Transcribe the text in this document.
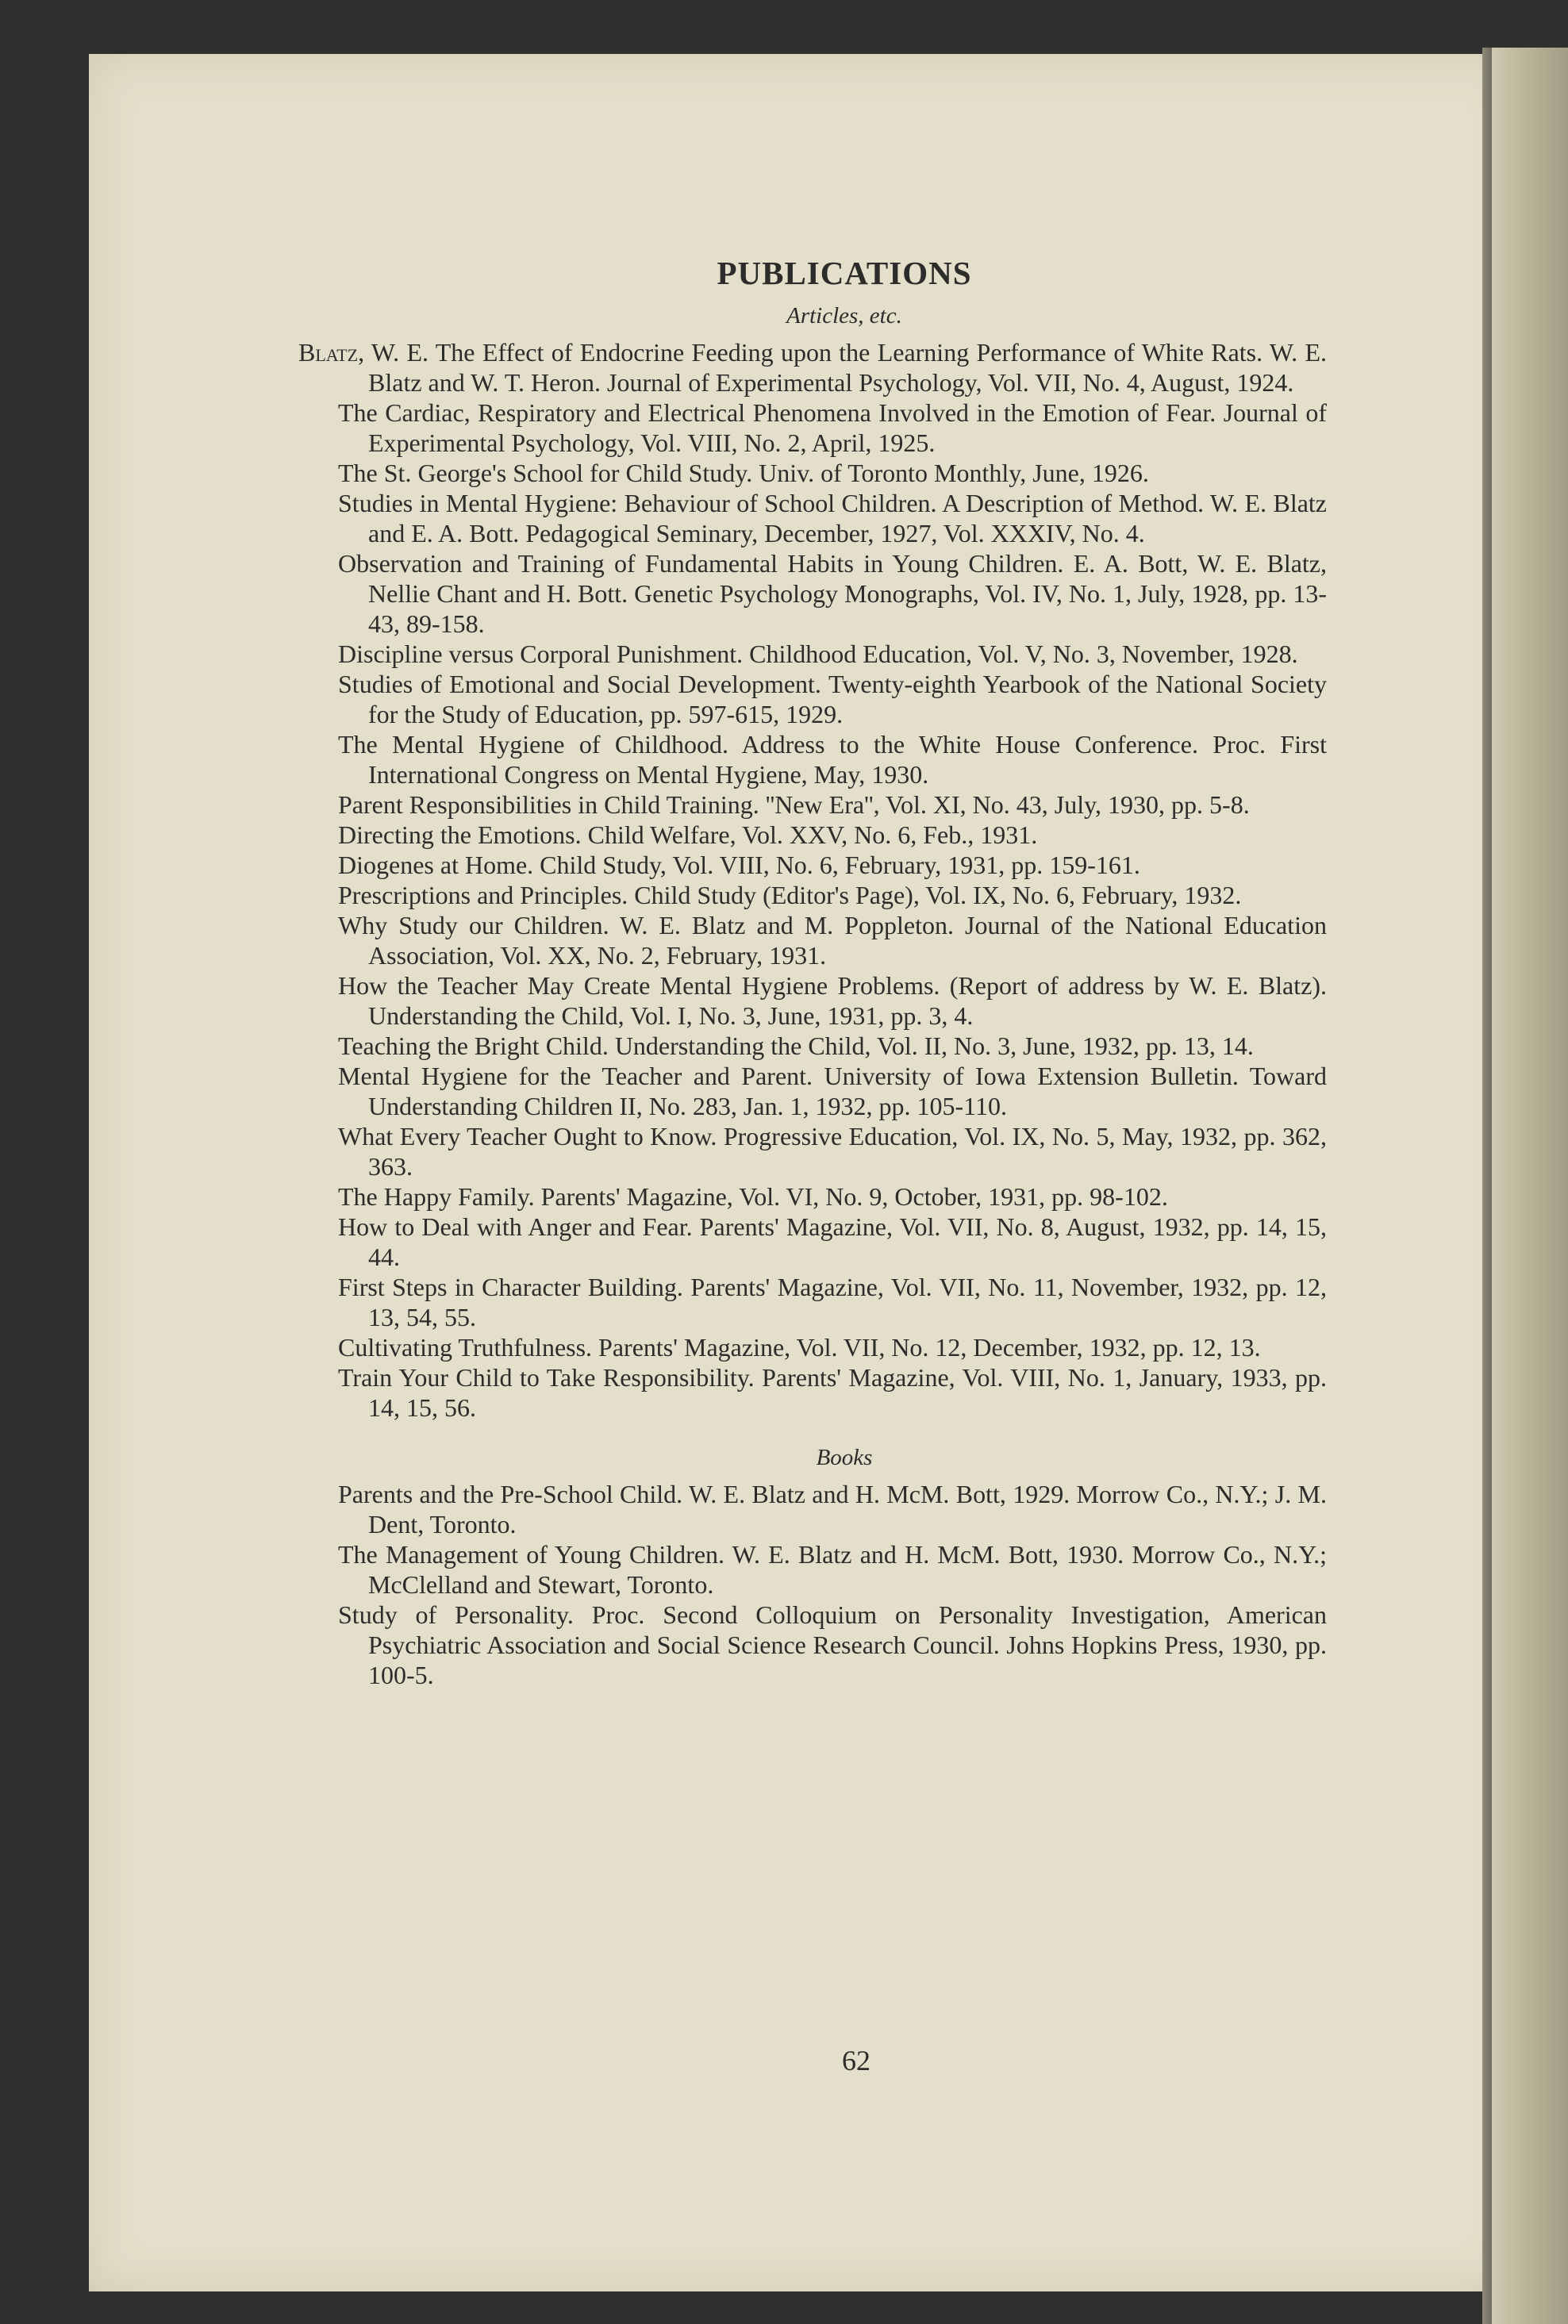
PUBLICATIONS
Articles, etc.

Blatz, W. E. The Effect of Endocrine Feeding upon the Learning Performance of White Rats. W. E. Blatz and W. T. Heron. Journal of Experimental Psychology, Vol. VII, No. 4, August, 1924.

The Cardiac, Respiratory and Electrical Phenomena Involved in the Emotion of Fear. Journal of Experimental Psychology, Vol. VIII, No. 2, April, 1925.

The St. George's School for Child Study. Univ. of Toronto Monthly, June, 1926.

Studies in Mental Hygiene: Behaviour of School Children. A Description of Method. W. E. Blatz and E. A. Bott. Pedagogical Seminary, December, 1927, Vol. XXXIV, No. 4.

Observation and Training of Fundamental Habits in Young Children. E. A. Bott, W. E. Blatz, Nellie Chant and H. Bott. Genetic Psychology Monographs, Vol. IV, No. 1, July, 1928, pp. 13-43, 89-158.

Discipline versus Corporal Punishment. Childhood Education, Vol. V, No. 3, November, 1928.

Studies of Emotional and Social Development. Twenty-eighth Yearbook of the National Society for the Study of Education, pp. 597-615, 1929.

The Mental Hygiene of Childhood. Address to the White House Conference. Proc. First International Congress on Mental Hygiene, May, 1930.

Parent Responsibilities in Child Training. ''New Era'', Vol. XI, No. 43, July, 1930, pp. 5-8.

Directing the Emotions. Child Welfare, Vol. XXV, No. 6, Feb., 1931.

Diogenes at Home. Child Study, Vol. VIII, No. 6, February, 1931, pp. 159-161.

Prescriptions and Principles. Child Study (Editor's Page), Vol. IX, No. 6, February, 1932.

Why Study our Children. W. E. Blatz and M. Poppleton. Journal of the National Education Association, Vol. XX, No. 2, February, 1931.

How the Teacher May Create Mental Hygiene Problems. (Report of address by W. E. Blatz). Understanding the Child, Vol. I, No. 3, June, 1931, pp. 3, 4.

Teaching the Bright Child. Understanding the Child, Vol. II, No. 3, June, 1932, pp. 13, 14.

Mental Hygiene for the Teacher and Parent. University of Iowa Extension Bulletin. Toward Understanding Children II, No. 283, Jan. 1, 1932, pp. 105-110.

What Every Teacher Ought to Know. Progressive Education, Vol. IX, No. 5, May, 1932, pp. 362, 363.

The Happy Family. Parents' Magazine, Vol. VI, No. 9, October, 1931, pp. 98-102.

How to Deal with Anger and Fear. Parents' Magazine, Vol. VII, No. 8, August, 1932, pp. 14, 15, 44.

First Steps in Character Building. Parents' Magazine, Vol. VII, No. 11, November, 1932, pp. 12, 13, 54, 55.

Cultivating Truthfulness. Parents' Magazine, Vol. VII, No. 12, December, 1932, pp. 12, 13.

Train Your Child to Take Responsibility. Parents' Magazine, Vol. VIII, No. 1, January, 1933, pp. 14, 15, 56.

Books

Parents and the Pre-School Child. W. E. Blatz and H. McM. Bott, 1929. Morrow Co., N.Y.; J. M. Dent, Toronto.

The Management of Young Children. W. E. Blatz and H. McM. Bott, 1930. Morrow Co., N.Y.; McClelland and Stewart, Toronto.

Study of Personality. Proc. Second Colloquium on Personality Investigation, American Psychiatric Association and Social Science Research Council. Johns Hopkins Press, 1930, pp. 100-5.

62
